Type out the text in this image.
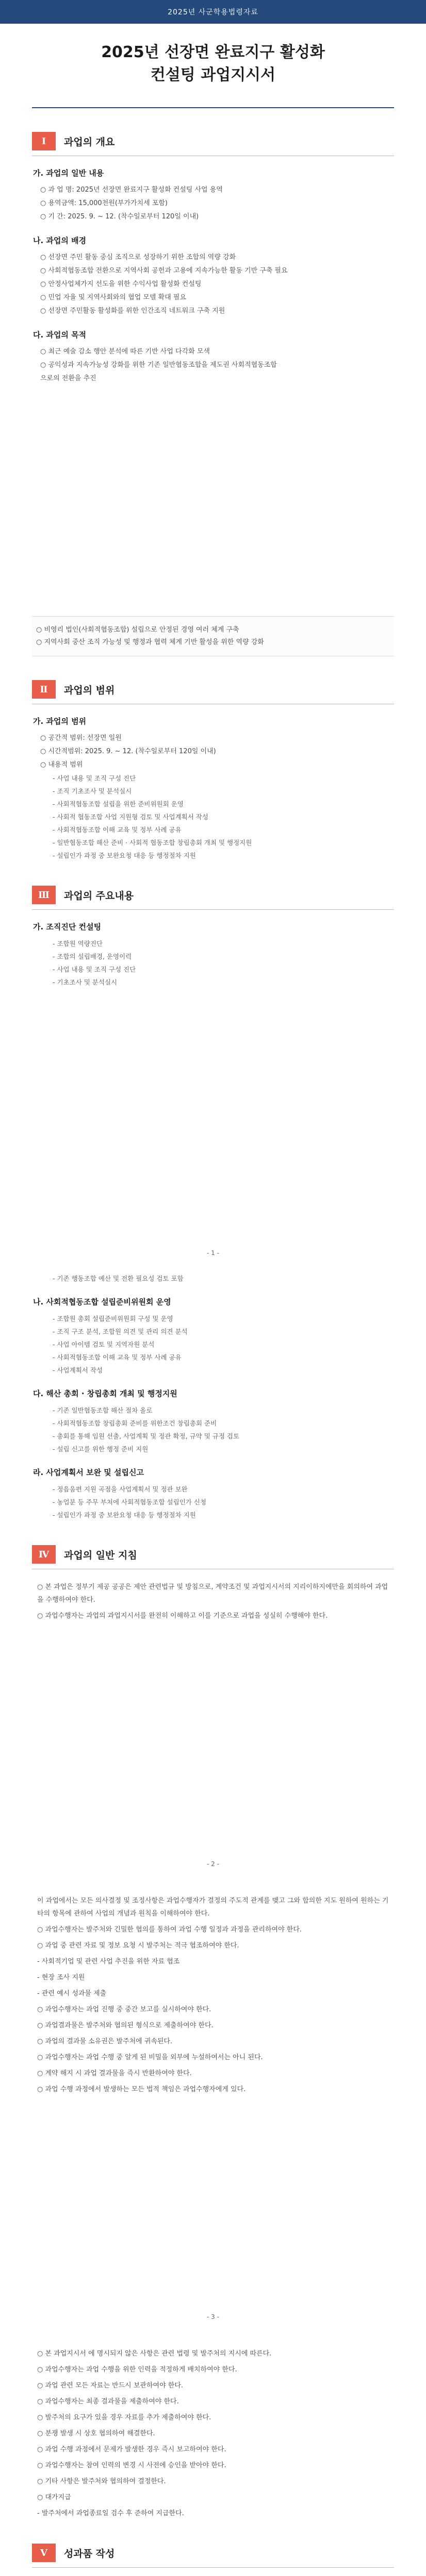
2025년 사군학용법령자료
2025년 선장면 완료지구 활성화
컨설팅 과업지시서
Ⅰ	과업의 개요
가. 과업의 일반 내용
○ 과 업 명: 2025년 선장면 완료지구 활성화 컨설팅 사업 용역
○ 용역금액: 15,000천원(부가가치세 포함)
○ 기 간: 2025. 9. ~ 12. (착수일로부터 120일 이내)
나. 과업의 배경
○ 선장면 주민 활동 중심 조직으로 성장하기 위한 조합의 역량 강화
○ 사회적협동조합 전환으로 지역사회 공헌과 고용에 지속가능한 활동 기반 구축 필요
○ 안정사업체가지 선도을 위한 수익사업 활성화 컨설팅
○ 민업 자율 및 지역사회와의 협업 모델 확대 필요
○ 선장면 주민활동 활성화를 위한 인간조직 네트워크 구축 지원
다. 과업의 목적
○ 최근 예술 감소 행안 분석에 따른 기반 사업 다각화 모색
○ 공익성과 지속가능성 강화를 위한 기존 일반협동조합을 제도권 사회적협동조합
으로의 전환을 추진
○ 비영리 법인(사회적협동조합) 설립으로 안정된 경영 여러 체계 구축
○ 지역사회 중산 조직 가능성 및 행정과 협력 체계 기반 활성을 위한 역량 강화
Ⅱ	과업의 범위
가. 과업의 범위
○ 공간적 범위: 선장면 일원
○ 시간적범위: 2025. 9. ~ 12. (착수일로부터 120일 이내)
○ 내용적 범위
- 사업 내용 및 조직 구성 진단
- 조직 기초조사 및 분석실시
- 사회적협동조합 설립을 위한 준비위원회 운영
- 사회적 협동조합 사업 지원형 검토 및 사업계획서 작성
- 사회적협동조합 이해 교육 및 정부 사례 공유
- 일반협동조합 해산 준비 · 사회적 협동조합 창립총회 개최 및 행정지원
- 설립인가 과정 중 보완요청 대응 등 행정절차 지원
Ⅲ	과업의 주요내용
가. 조직진단 컨설팅
- 조합원 역량진단
- 조합의 설립배경, 운영이력
- 사업 내용 및 조직 구성 진단
- 기초조사 및 분석실시
- 1 -
- 기존 행동조합 예산 및 전환 필요성 검토 포함
나. 사회적협동조합 설립준비위원회 운영
- 조합원 총회 설립준비위원회 구성 및 운영
- 조직 구조 분석, 조합원 의견 및 관리 의견 분석
- 사업 아이템 검토 및 지역자원 분석
- 사회적협동조합 이해 교육 및 정부 사례 공유
- 사업계획서 작성
다. 해산 총회 · 창립총회 개최 및 행정지원
- 기존 일반협동조합 해산 절차 올로
- 사회적협동조합 창립총회 준비를 위한조건 창립총회 준비
- 총회를 통해 임원 선출, 사업계획 및 정관 확정, 규약 및 규정 검토
- 설립 신고를 위한 행정 준비 지원
라. 사업계획서 보완 및 설립신고
- 정읍움편 지원 곡점을 사업계획서 및 정관 보완
- 농업분 등 주무 부처에 사회적협동조합 설립인가 신청
- 설립인가 과정 중 보완요청 대응 등 행정절차 지원
Ⅳ	과업의 일반 지침
○ 본 과업은 정부기 제공 공공은 제안 관련법규 및 방침으로, 계약조건 및 과업지시서의 지리이하지에만을 회의하여 과업을 수행하여야 한다.
○ 과업수행자는 과업의 과업지시서를 완전히 이해하고 이를 기준으로 과업을 성실히 수행해야 한다.
- 2 -
이 과업에서는 모든 의사결정 및 조정사항은 과업수행자가 결정의 주도적 관계를 맺고 그와 합의한 지도 원하여 원하는 기타의 항목에 관하여 사업의 개념과 원칙을 이해하여야 한다.
○ 과업수행자는 발주처와 긴밀한 협의를 통하여 과업 수행 일정과 과정을 관리하여야 한다.
○ 과업 중 관련 자료 및 정보 요청 시 발주처는 적극 협조하여야 한다.
- 사회적기업 및 관련 사업 추진을 위한 자료 협조
- 현장 조사 지원
- 관련 예시 성과물 제출
○ 과업수행자는 과업 진행 중 중간 보고를 실시하여야 한다.
○ 과업결과물은 발주처와 협의된 형식으로 제출하여야 한다.
○ 과업의 결과물 소유권은 발주처에 귀속된다.
○ 과업수행자는 과업 수행 중 알게 된 비밀을 외부에 누설하여서는 아니 된다.
○ 계약 해지 시 과업 결과물을 즉시 반환하여야 한다.
○ 과업 수행 과정에서 발생하는 모든 법적 책임은 과업수행자에게 있다.
- 3 -
○ 본 과업지시서 에 명시되지 않은 사항은 관련 법령 및 발주처의 지시에 따른다.
○ 과업수행자는 과업 수행을 위한 인력을 적정하게 배치하여야 한다.
○ 과업 관련 모든 자료는 반드시 보관하여야 한다.
○ 과업수행자는 최종 결과물을 제출하여야 한다.
○ 발주처의 요구가 있을 경우 자료를 추가 제출하여야 한다.
○ 분쟁 발생 시 상호 협의하여 해결한다.
○ 과업 수행 과정에서 문제가 발생한 경우 즉시 보고하여야 한다.
○ 과업수행자는 참여 인력의 변경 시 사전에 승인을 받아야 한다.
○ 기타 사항은 발주처와 협의하여 결정한다.
○ 대가지급
- 발주처에서 과업종료일 검수 후 준하여 지급한다.
Ⅴ	성과품 작성
